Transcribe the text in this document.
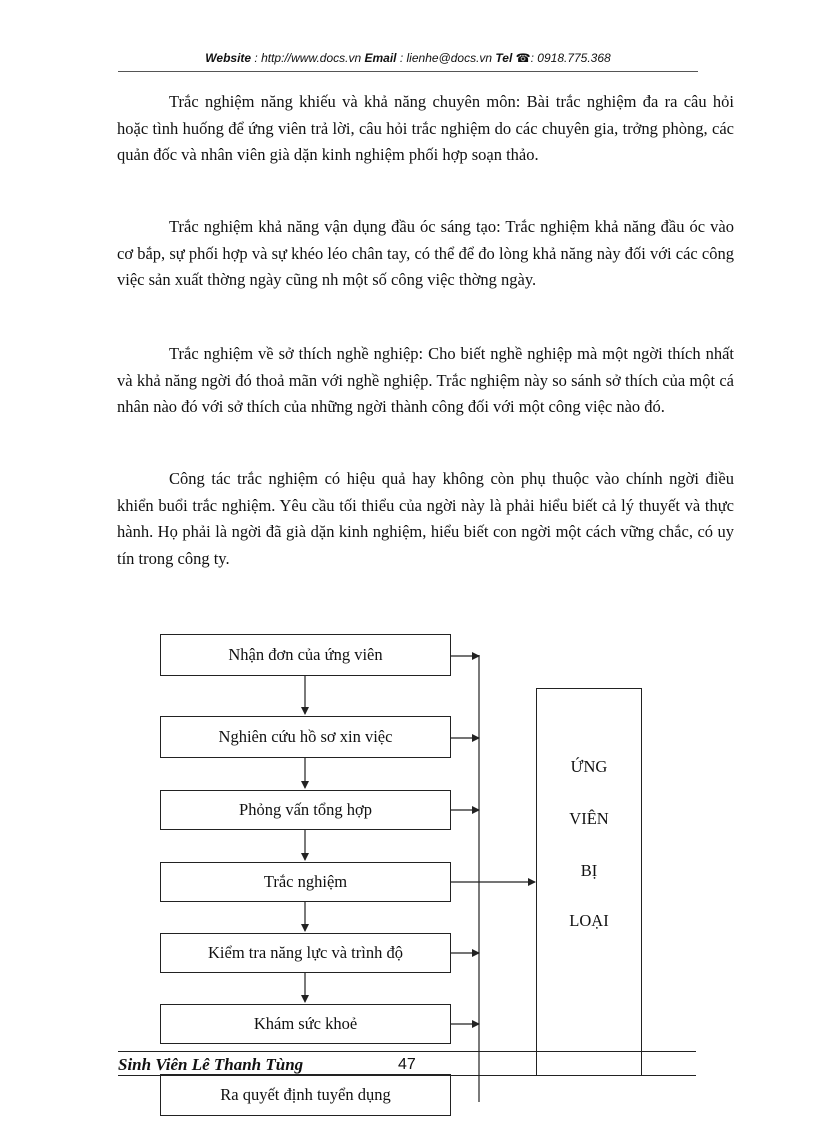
Website : http://www.docs.vn Email : lienhe@docs.vn Tel ☎: 0918.775.368

Trắc nghiệm năng khiếu và khả năng chuyên môn: Bài trắc nghiệm đa ra câu hỏi hoặc tình huống để ứng viên trả lời, câu hỏi trắc nghiệm do các chuyên gia, trởng phòng, các quản đốc và nhân viên già dặn kinh nghiệm phối hợp soạn thảo.

Trắc nghiệm khả năng vận dụng đầu óc sáng tạo: Trắc nghiệm khả năng đầu óc vào cơ bắp, sự phối hợp và sự khéo léo chân tay, có thể để đo lòng khả năng này đối với các công việc sản xuất thờng ngày cũng nh một số công việc thờng ngày.

Trắc nghiệm về sở thích nghề nghiệp: Cho biết nghề nghiệp mà một ngời thích nhất và khả năng ngời đó thoả mãn với nghề nghiệp. Trắc nghiệm này so sánh sở thích của một cá nhân nào đó với sở thích của những ngời thành công đối với một công việc nào đó.

Công tác trắc nghiệm có hiệu quả hay không còn phụ thuộc vào chính ngời điều khiển buổi trắc nghiệm. Yêu cầu tối thiểu của ngời này là phải hiểu biết cả lý thuyết và thực hành. Họ phải là ngời đã già dặn kinh nghiệm, hiểu biết con ngời một cách vững chắc, có uy tín trong công ty.

Nhận đơn của ứng viên
Nghiên cứu hồ sơ xin việc
Phỏng vấn tổng hợp
Trắc nghiệm
Kiểm tra năng lực và trình độ
Khám sức khoẻ
Ra quyết định tuyển dụng
ỨNG
VIÊN
BỊ
LOẠI
Sinh Viên Lê Thanh Tùng	47
